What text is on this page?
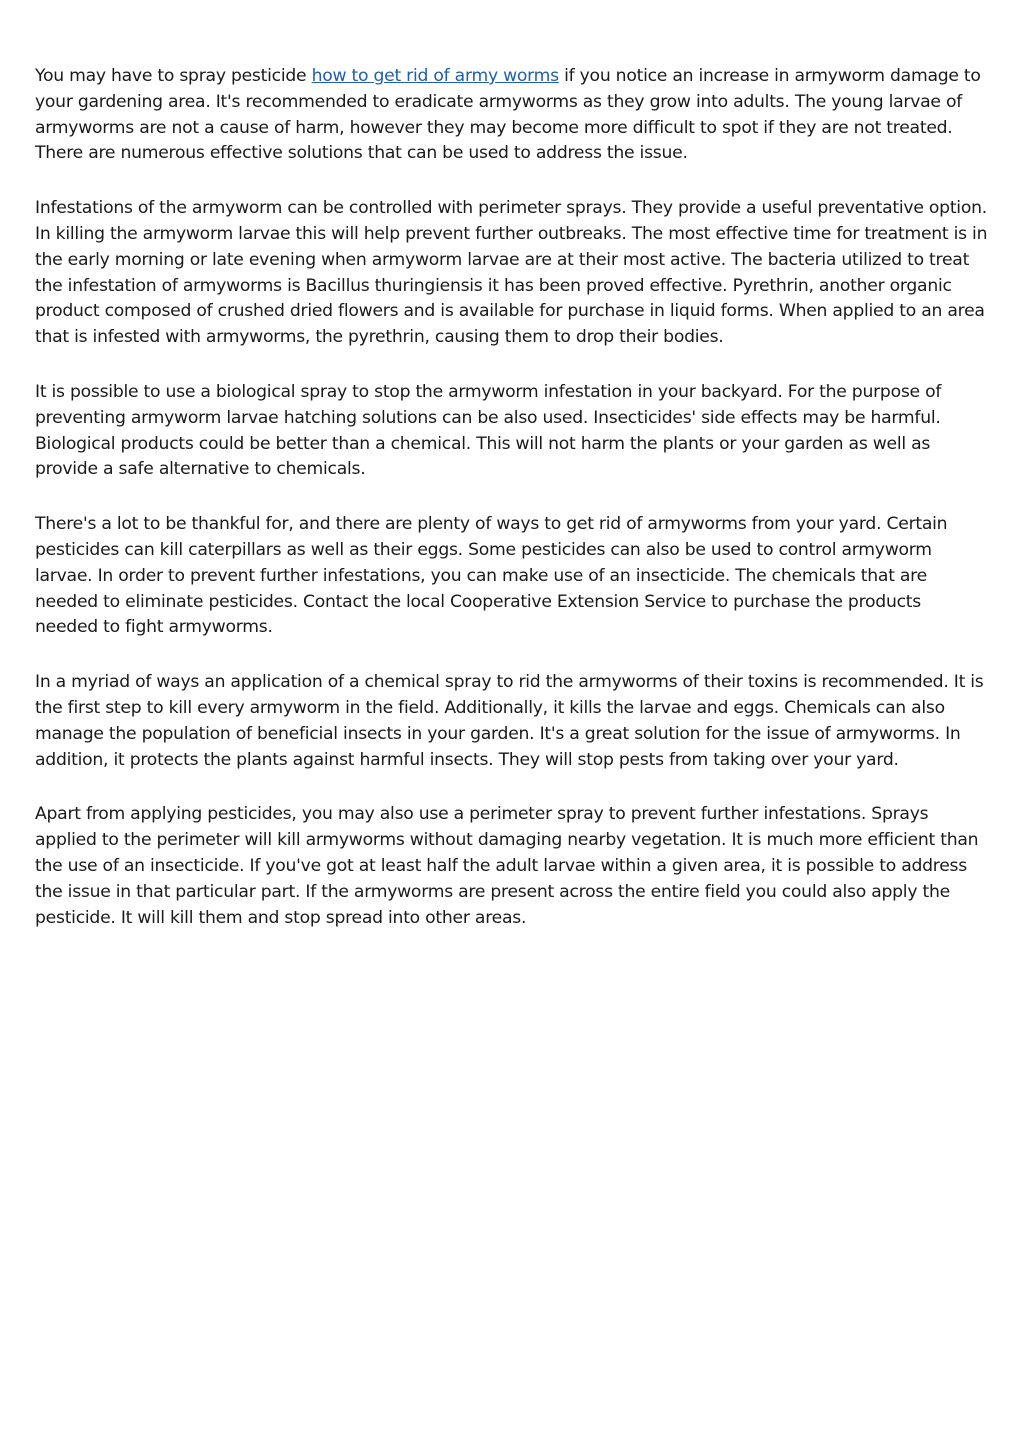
You may have to spray pesticide how to get rid of army worms if you notice an increase in armyworm damage to your gardening area. It's recommended to eradicate armyworms as they grow into adults. The young larvae of armyworms are not a cause of harm, however they may become more difficult to spot if they are not treated. There are numerous effective solutions that can be used to address the issue.

Infestations of the armyworm can be controlled with perimeter sprays. They provide a useful preventative option. In killing the armyworm larvae this will help prevent further outbreaks. The most effective time for treatment is in the early morning or late evening when armyworm larvae are at their most active. The bacteria utilized to treat the infestation of armyworms is Bacillus thuringiensis it has been proved effective. Pyrethrin, another organic product composed of crushed dried flowers and is available for purchase in liquid forms. When applied to an area that is infested with armyworms, the pyrethrin, causing them to drop their bodies.

It is possible to use a biological spray to stop the armyworm infestation in your backyard. For the purpose of preventing armyworm larvae hatching solutions can be also used. Insecticides' side effects may be harmful. Biological products could be better than a chemical. This will not harm the plants or your garden as well as provide a safe alternative to chemicals.

There's a lot to be thankful for, and there are plenty of ways to get rid of armyworms from your yard. Certain pesticides can kill caterpillars as well as their eggs. Some pesticides can also be used to control armyworm larvae. In order to prevent further infestations, you can make use of an insecticide. The chemicals that are needed to eliminate pesticides. Contact the local Cooperative Extension Service to purchase the products needed to fight armyworms.

In a myriad of ways an application of a chemical spray to rid the armyworms of their toxins is recommended. It is the first step to kill every armyworm in the field. Additionally, it kills the larvae and eggs. Chemicals can also manage the population of beneficial insects in your garden. It's a great solution for the issue of armyworms. In addition, it protects the plants against harmful insects. They will stop pests from taking over your yard.

Apart from applying pesticides, you may also use a perimeter spray to prevent further infestations. Sprays applied to the perimeter will kill armyworms without damaging nearby vegetation. It is much more efficient than the use of an insecticide. If you've got at least half the adult larvae within a given area, it is possible to address the issue in that particular part. If the armyworms are present across the entire field you could also apply the pesticide. It will kill them and stop spread into other areas.
